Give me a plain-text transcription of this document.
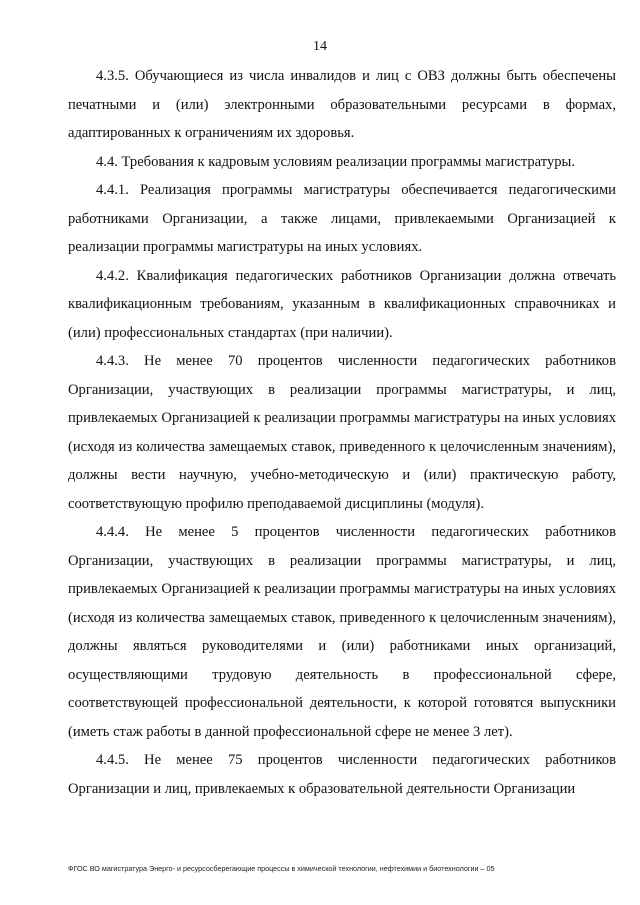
14

4.3.5. Обучающиеся из числа инвалидов и лиц с ОВЗ должны быть обеспечены печатными и (или) электронными образовательными ресурсами в формах, адаптированных к ограничениям их здоровья.

4.4. Требования к кадровым условиям реализации программы магистратуры.

4.4.1. Реализация программы магистратуры обеспечивается педагогическими работниками Организации, а также лицами, привлекаемыми Организацией к реализации программы магистратуры на иных условиях.

4.4.2. Квалификация педагогических работников Организации должна отвечать квалификационным требованиям, указанным в квалификационных справочниках и (или) профессиональных стандартах (при наличии).

4.4.3. Не менее 70 процентов численности педагогических работников Организации, участвующих в реализации программы магистратуры, и лиц, привлекаемых Организацией к реализации программы магистратуры на иных условиях (исходя из количества замещаемых ставок, приведенного к целочисленным значениям), должны вести научную, учебно-методическую и (или) практическую работу, соответствующую профилю преподаваемой дисциплины (модуля).

4.4.4. Не менее 5 процентов численности педагогических работников Организации, участвующих в реализации программы магистратуры, и лиц, привлекаемых Организацией к реализации программы магистратуры на иных условиях (исходя из количества замещаемых ставок, приведенного к целочисленным значениям), должны являться руководителями и (или) работниками иных организаций, осуществляющими трудовую деятельность в профессиональной сфере, соответствующей профессиональной деятельности, к которой готовятся выпускники (иметь стаж работы в данной профессиональной сфере не менее 3 лет).

4.4.5. Не менее 75 процентов численности педагогических работников Организации и лиц, привлекаемых к образовательной деятельности Организации

ФГОС ВО магистратура Энерго- и ресурсосберегающие процессы в химической технологии, нефтехимии и биотехнологии – 05
